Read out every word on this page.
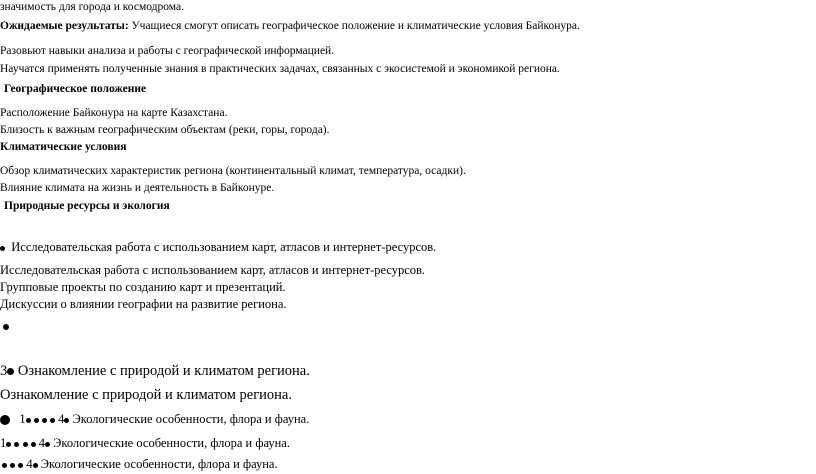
значимость для города и космодрома.
Ожидаемые результаты: Учащиеся смогут описать географическое положение и климатические условия Байконура.
Разовьют навыки анализа и работы с географической информацией.
Научатся применять полученные знания в практических задачах, связанных с экосистемой и экономикой региона.
Географическое положение
Расположение Байконура на карте Казахстана.
Близость к важным географическим объектам (реки, горы, города).
Климатические условия
Обзор климатических характеристик региона (континентальный климат, температура, осадки).
Влияние климата на жизнь и деятельность в Байконуре.
Природные ресурсы и экология
Исследовательская работа с использованием карт, атласов и интернет-ресурсов.
Исследовательская работа с использованием карт, атласов и интернет-ресурсов.
Групповые проекты по созданию карт и презентаций.
Дискуссии о влиянии географии на развитие региона.
3 Ознакомление с природой и климатом региона.
Ознакомление с природой и климатом региона.
1	4 Экологические особенности, флора и фауна.
1	4 Экологические особенности, флора и фауна.
4 Экологические особенности, флора и фауна.
